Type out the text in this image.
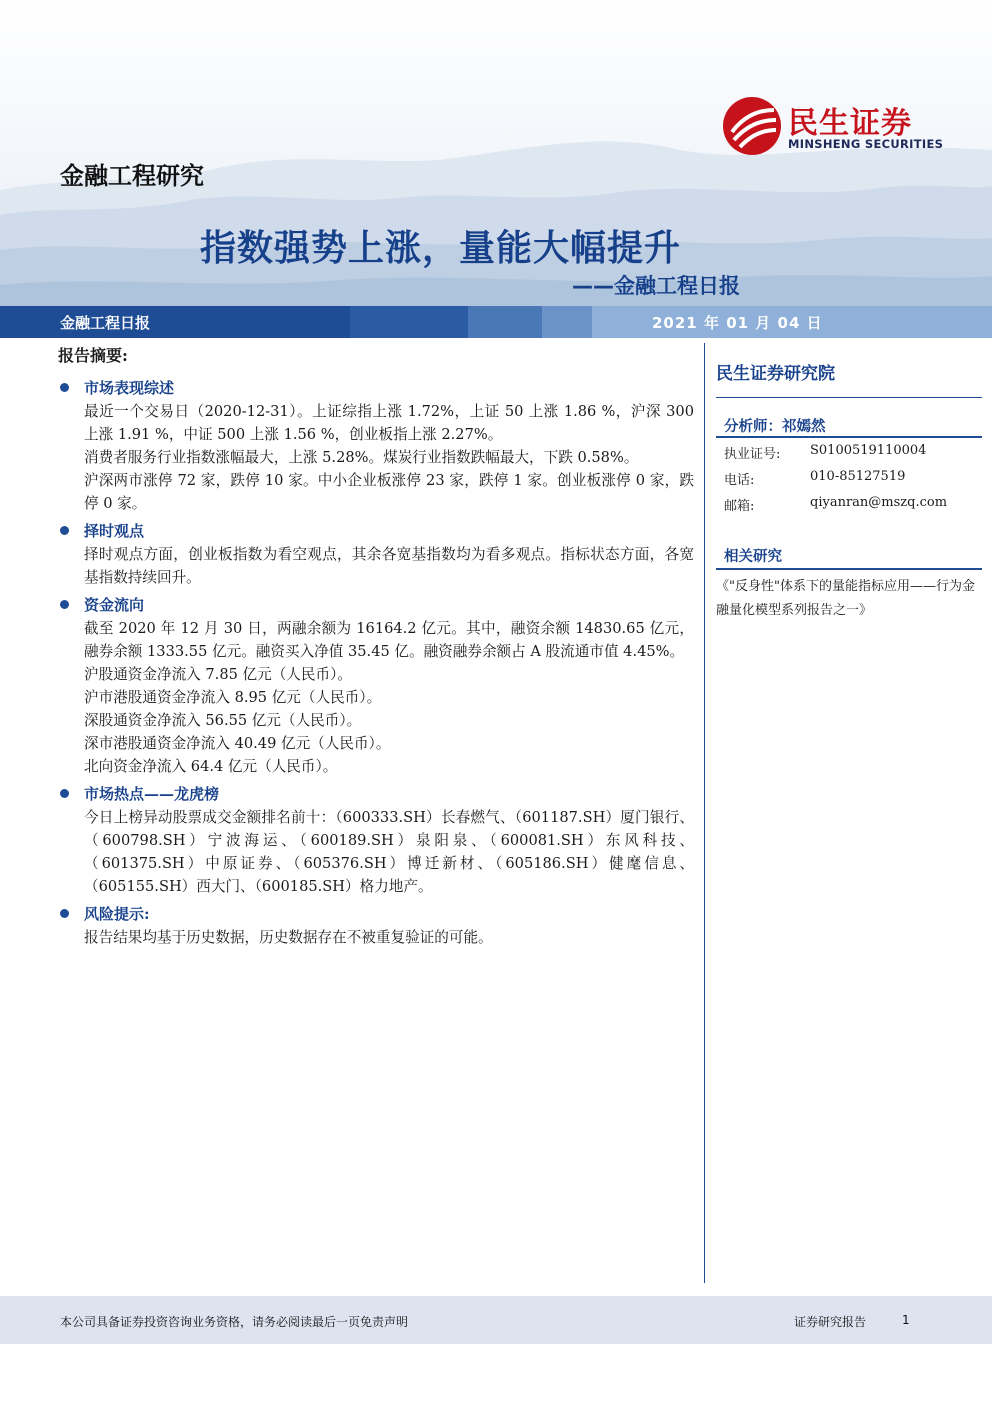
民生证券
MINSHENG SECURITIES
金融工程研究
指数强势上涨，量能大幅提升
——金融工程日报
金融工程日报	2021 年 01 月 04 日
报告摘要:
市场表现综述

最近一个交易日（2020-12-31）。上证综指上涨 1.72%，上证 50 上涨 1.86 %，沪深 300 上涨 1.91 %，中证 500 上涨 1.56 %，创业板指上涨 2.27%。

消费者服务行业指数涨幅最大，上涨 5.28%。煤炭行业指数跌幅最大，下跌 0.58%。

沪深两市涨停 72 家，跌停 10 家。中小企业板涨停 23 家，跌停 1 家。创业板涨停 0 家，跌停 0 家。

择时观点

择时观点方面，创业板指数为看空观点，其余各宽基指数均为看多观点。指标状态方面，各宽基指数持续回升。

资金流向

截至 2020 年 12 月 30 日，两融余额为 16164.2 亿元。其中，融资余额 14830.65 亿元，融券余额 1333.55 亿元。融资买入净值 35.45 亿。融资融券余额占 A 股流通市值 4.45%。

沪股通资金净流入 7.85 亿元（人民币）。

沪市港股通资金净流入 8.95 亿元（人民币）。

深股通资金净流入 56.55 亿元（人民币）。

深市港股通资金净流入 40.49 亿元（人民币）。

北向资金净流入 64.4 亿元（人民币）。

市场热点——龙虎榜

今日上榜异动股票成交金额排名前十：（600333.SH）长春燃气、（601187.SH）厦门银行、（600798.SH）宁波海运、（600189.SH）泉阳泉、（600081.SH）东风科技、（601375.SH）中原证券、（605376.SH）博迁新材、（605186.SH）健麾信息、（605155.SH）西大门、（600185.SH）格力地产。

风险提示:

报告结果均基于历史数据，历史数据存在不被重复验证的可能。

民生证券研究院
分析师：祁嫣然
执业证号:	S0100519110004
电话:	010-85127519
邮箱:	qiyanran@mszq.com
相关研究
《"反身性"体系下的量能指标应用——行为金融量化模型系列报告之一》
本公司具备证券投资咨询业务资格，请务必阅读最后一页免责声明	证券研究报告	1
